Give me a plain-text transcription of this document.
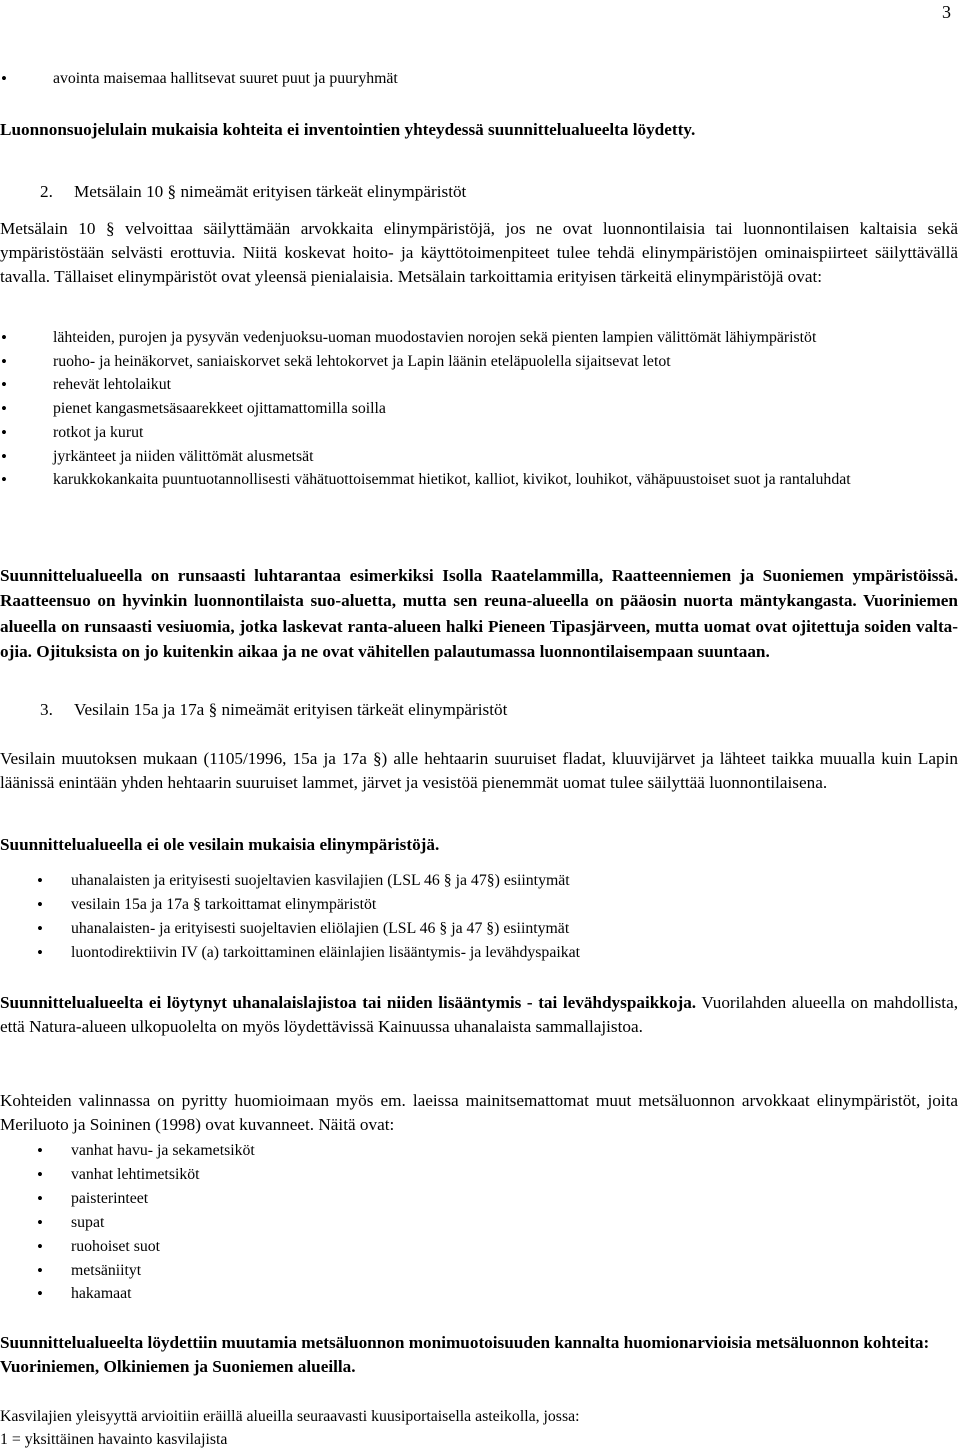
3
• avointa maisemaa hallitsevat suuret puut ja puuryhmät

Luonnonsuojelulain mukaisia kohteita ei inventointien yhteydessä suunnittelualueelta löydetty.

2. Metsälain 10 § nimeämät erityisen tärkeät elinympäristöt

Metsälain 10 § velvoittaa säilyttämään arvokkaita elinympäristöjä, jos ne ovat luonnontilaisia tai luonnontilaisen kaltaisia sekä ympäristöstään selvästi erottuvia. Niitä koskevat hoito- ja käyttötoimenpiteet tulee tehdä elinympäristöjen ominaispiirteet säilyttävällä tavalla. Tällaiset elinympäristöt ovat yleensä pienialaisia. Metsälain tarkoittamia erityisen tärkeitä elinympäristöjä ovat:

• lähteiden, purojen ja pysyvän vedenjuoksu-uoman muodostavien norojen sekä pienten lampien välittömät lähiympäristöt
• ruoho- ja heinäkorvet, saniaiskorvet sekä lehtokorvet ja Lapin läänin eteläpuolella sijaitsevat letot
• rehevät lehtolaikut
• pienet kangasmetsäsaarekkeet ojittamattomilla soilla
• rotkot ja kurut
• jyrkänteet ja niiden välittömät alusmetsät
• karukkokankaita puuntuotannollisesti vähätuottoisemmat hietikot, kalliot, kivikot, louhikot, vähäpuustoiset suot ja rantaluhdat

Suunnittelualueella on runsaasti luhtarantaa esimerkiksi Isolla Raatelammilla, Raatteenniemen ja Suoniemen ympäristöissä. Raatteensuo on hyvinkin luonnontilaista suo-aluetta, mutta sen reuna-alueella on pääosin nuorta mäntykangasta. Vuoriniemen alueella on runsaasti vesiuomia, jotka laskevat ranta-alueen halki Pieneen Tipasjärveen, mutta uomat ovat ojitettuja soiden valta-ojia. Ojituksista on jo kuitenkin aikaa ja ne ovat vähitellen palautumassa luonnontilaisempaan suuntaan.

3. Vesilain 15a ja 17a § nimeämät erityisen tärkeät elinympäristöt

Vesilain muutoksen mukaan (1105/1996, 15a ja 17a §) alle hehtaarin suuruiset fladat, kluuvijärvet ja lähteet taikka muualla kuin Lapin läänissä enintään yhden hehtaarin suuruiset lammet, järvet ja vesistöä pienemmät uomat tulee säilyttää luonnontilaisena.

Suunnittelualueella ei ole vesilain mukaisia elinympäristöjä.

• uhanalaisten ja erityisesti suojeltavien kasvilajien (LSL 46 § ja 47§) esiintymät
• vesilain 15a ja 17a § tarkoittamat elinympäristöt
• uhanalaisten- ja erityisesti suojeltavien eliölajien (LSL 46 § ja 47 §) esiintymät
• luontodirektiivin IV (a) tarkoittaminen eläinlajien lisääntymis- ja levähdyspaikat

Suunnittelualueelta ei löytynyt uhanalaislajistoa tai niiden lisääntymis - tai levähdyspaikkoja. Vuorilahden alueella on mahdollista, että Natura-alueen ulkopuolelta on myös löydettävissä Kainuussa uhanalaista sammallajistoa.

Kohteiden valinnassa on pyritty huomioimaan myös em. laeissa mainitsemattomat muut metsäluonnon arvokkaat elinympäristöt, joita Meriluoto ja Soininen (1998) ovat kuvanneet. Näitä ovat:

• vanhat havu- ja sekametsiköt
• vanhat lehtimetsiköt
• paisterinteet
• supat
• ruohoiset suot
• metsäniityt
• hakamaat

Suunnittelualueelta löydettiin muutamia metsäluonnon monimuotoisuuden kannalta huomionarvioisia metsäluonnon kohteita: Vuoriniemen, Olkiniemen ja Suoniemen alueilla.

Kasvilajien yleisyyttä arvioitiin eräillä alueilla seuraavasti kuusiportaisella asteikolla, jossa:

1 = yksittäinen havainto kasvilajista
